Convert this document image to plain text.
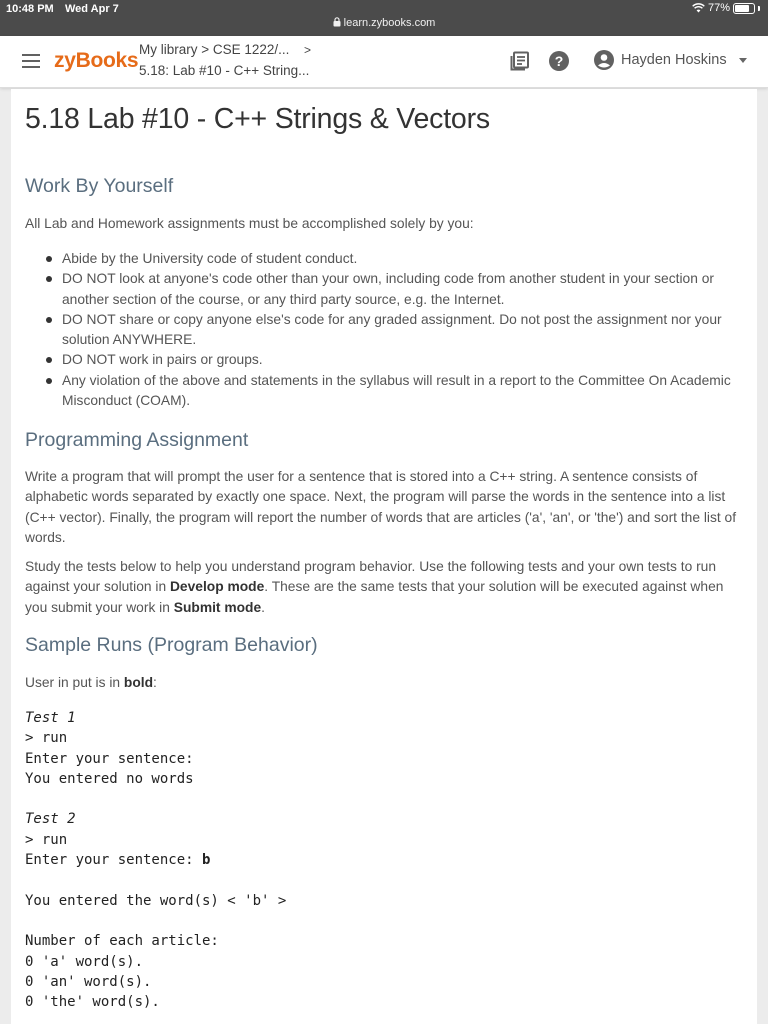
10:48 PM Wed Apr 7	77%
learn.zybooks.com
zyBooks My library > CSE 1222/... >
5.18: Lab #10 - C++ String...
?	Hayden Hoskins
5.18 Lab #10 - C++ Strings & Vectors
Work By Yourself
All Lab and Homework assignments must be accomplished solely by you:
Abide by the University code of student conduct.
DO NOT look at anyone's code other than your own, including code from another student in your section or another section of the course, or any third party source, e.g. the Internet.
DO NOT share or copy anyone else's code for any graded assignment. Do not post the assignment nor your solution ANYWHERE.
DO NOT work in pairs or groups.
Any violation of the above and statements in the syllabus will result in a report to the Committee On Academic Misconduct (COAM).
Programming Assignment
Write a program that will prompt the user for a sentence that is stored into a C++ string. A sentence consists of alphabetic words separated by exactly one space. Next, the program will parse the words in the sentence into a list (C++ vector). Finally, the program will report the number of words that are articles ('a', 'an', or 'the') and sort the list of words.
Study the tests below to help you understand program behavior. Use the following tests and your own tests to run against your solution in Develop mode. These are the same tests that your solution will be executed against when you submit your work in Submit mode.
Sample Runs (Program Behavior)
User in put is in bold:
Test 1
> run
Enter your sentence:
You entered no words
Test 2
> run
Enter your sentence: b
You entered the word(s) < 'b' >
Number of each article:
0 'a' word(s).
0 'an' word(s).
0 'the' word(s).
